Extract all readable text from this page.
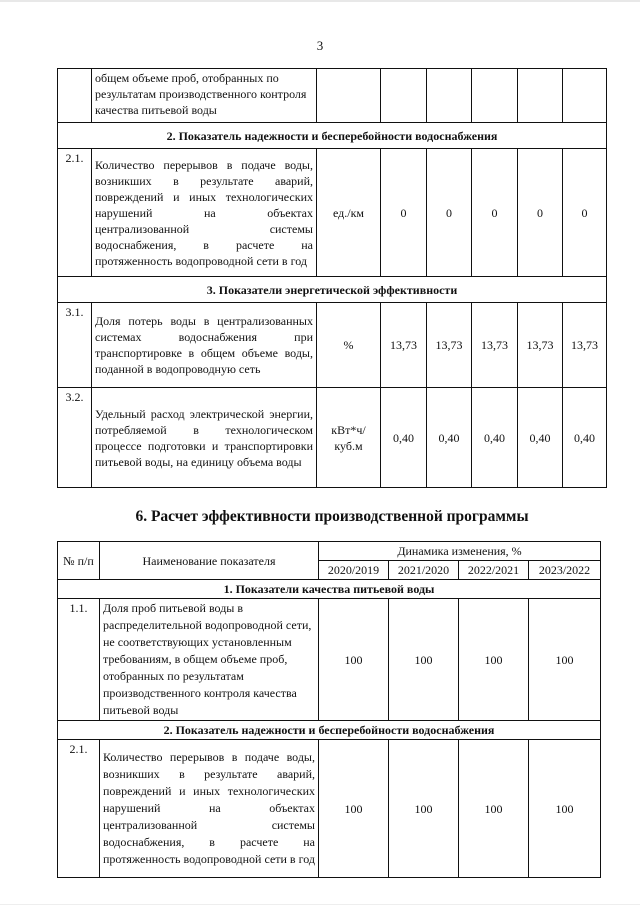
3
	общем объеме проб, отобранных по результатам производственного контроля качества питьевой воды						
2. Показатель надежности и бесперебойности водоснабжения							
2.1.	Количество перерывов в подаче воды, возникших в результате аварий, повреждений и иных технологических нарушений на объектах централизованной системы водоснабжения, в расчете на протяженность водопроводной сети в год	ед./км	0	0	0	0	0
3. Показатели энергетической эффективности							
3.1.	Доля потерь воды в централизованных системах водоснабжения при транспортировке в общем объеме воды, поданной в водопроводную сеть	%	13,73	13,73	13,73	13,73	13,73
3.2.	Удельный расход электрической энергии, потребляемой в технологическом процессе подготовки и транспортировки питьевой воды, на единицу объема воды	кВт*ч/ куб.м	0,40	0,40	0,40	0,40	0,40
6. Расчет эффективности производственной программы
№ п/п	Наименование показателя	Динамика изменения, %			
		2020/2019	2021/2020	2022/2021	2023/2022
1. Показатели качества питьевой воды					
1.1.	Доля проб питьевой воды в распределительной водопроводной сети, не соответствующих установленным требованиям, в общем объеме проб, отобранных по результатам производственного контроля качества питьевой воды	100	100	100	100
2. Показатель надежности и бесперебойности водоснабжения					
2.1.	Количество перерывов в подаче воды, возникших в результате аварий, повреждений и иных технологических нарушений на объектах централизованной системы водоснабжения, в расчете на протяженность водопроводной сети в год	100	100	100	100
